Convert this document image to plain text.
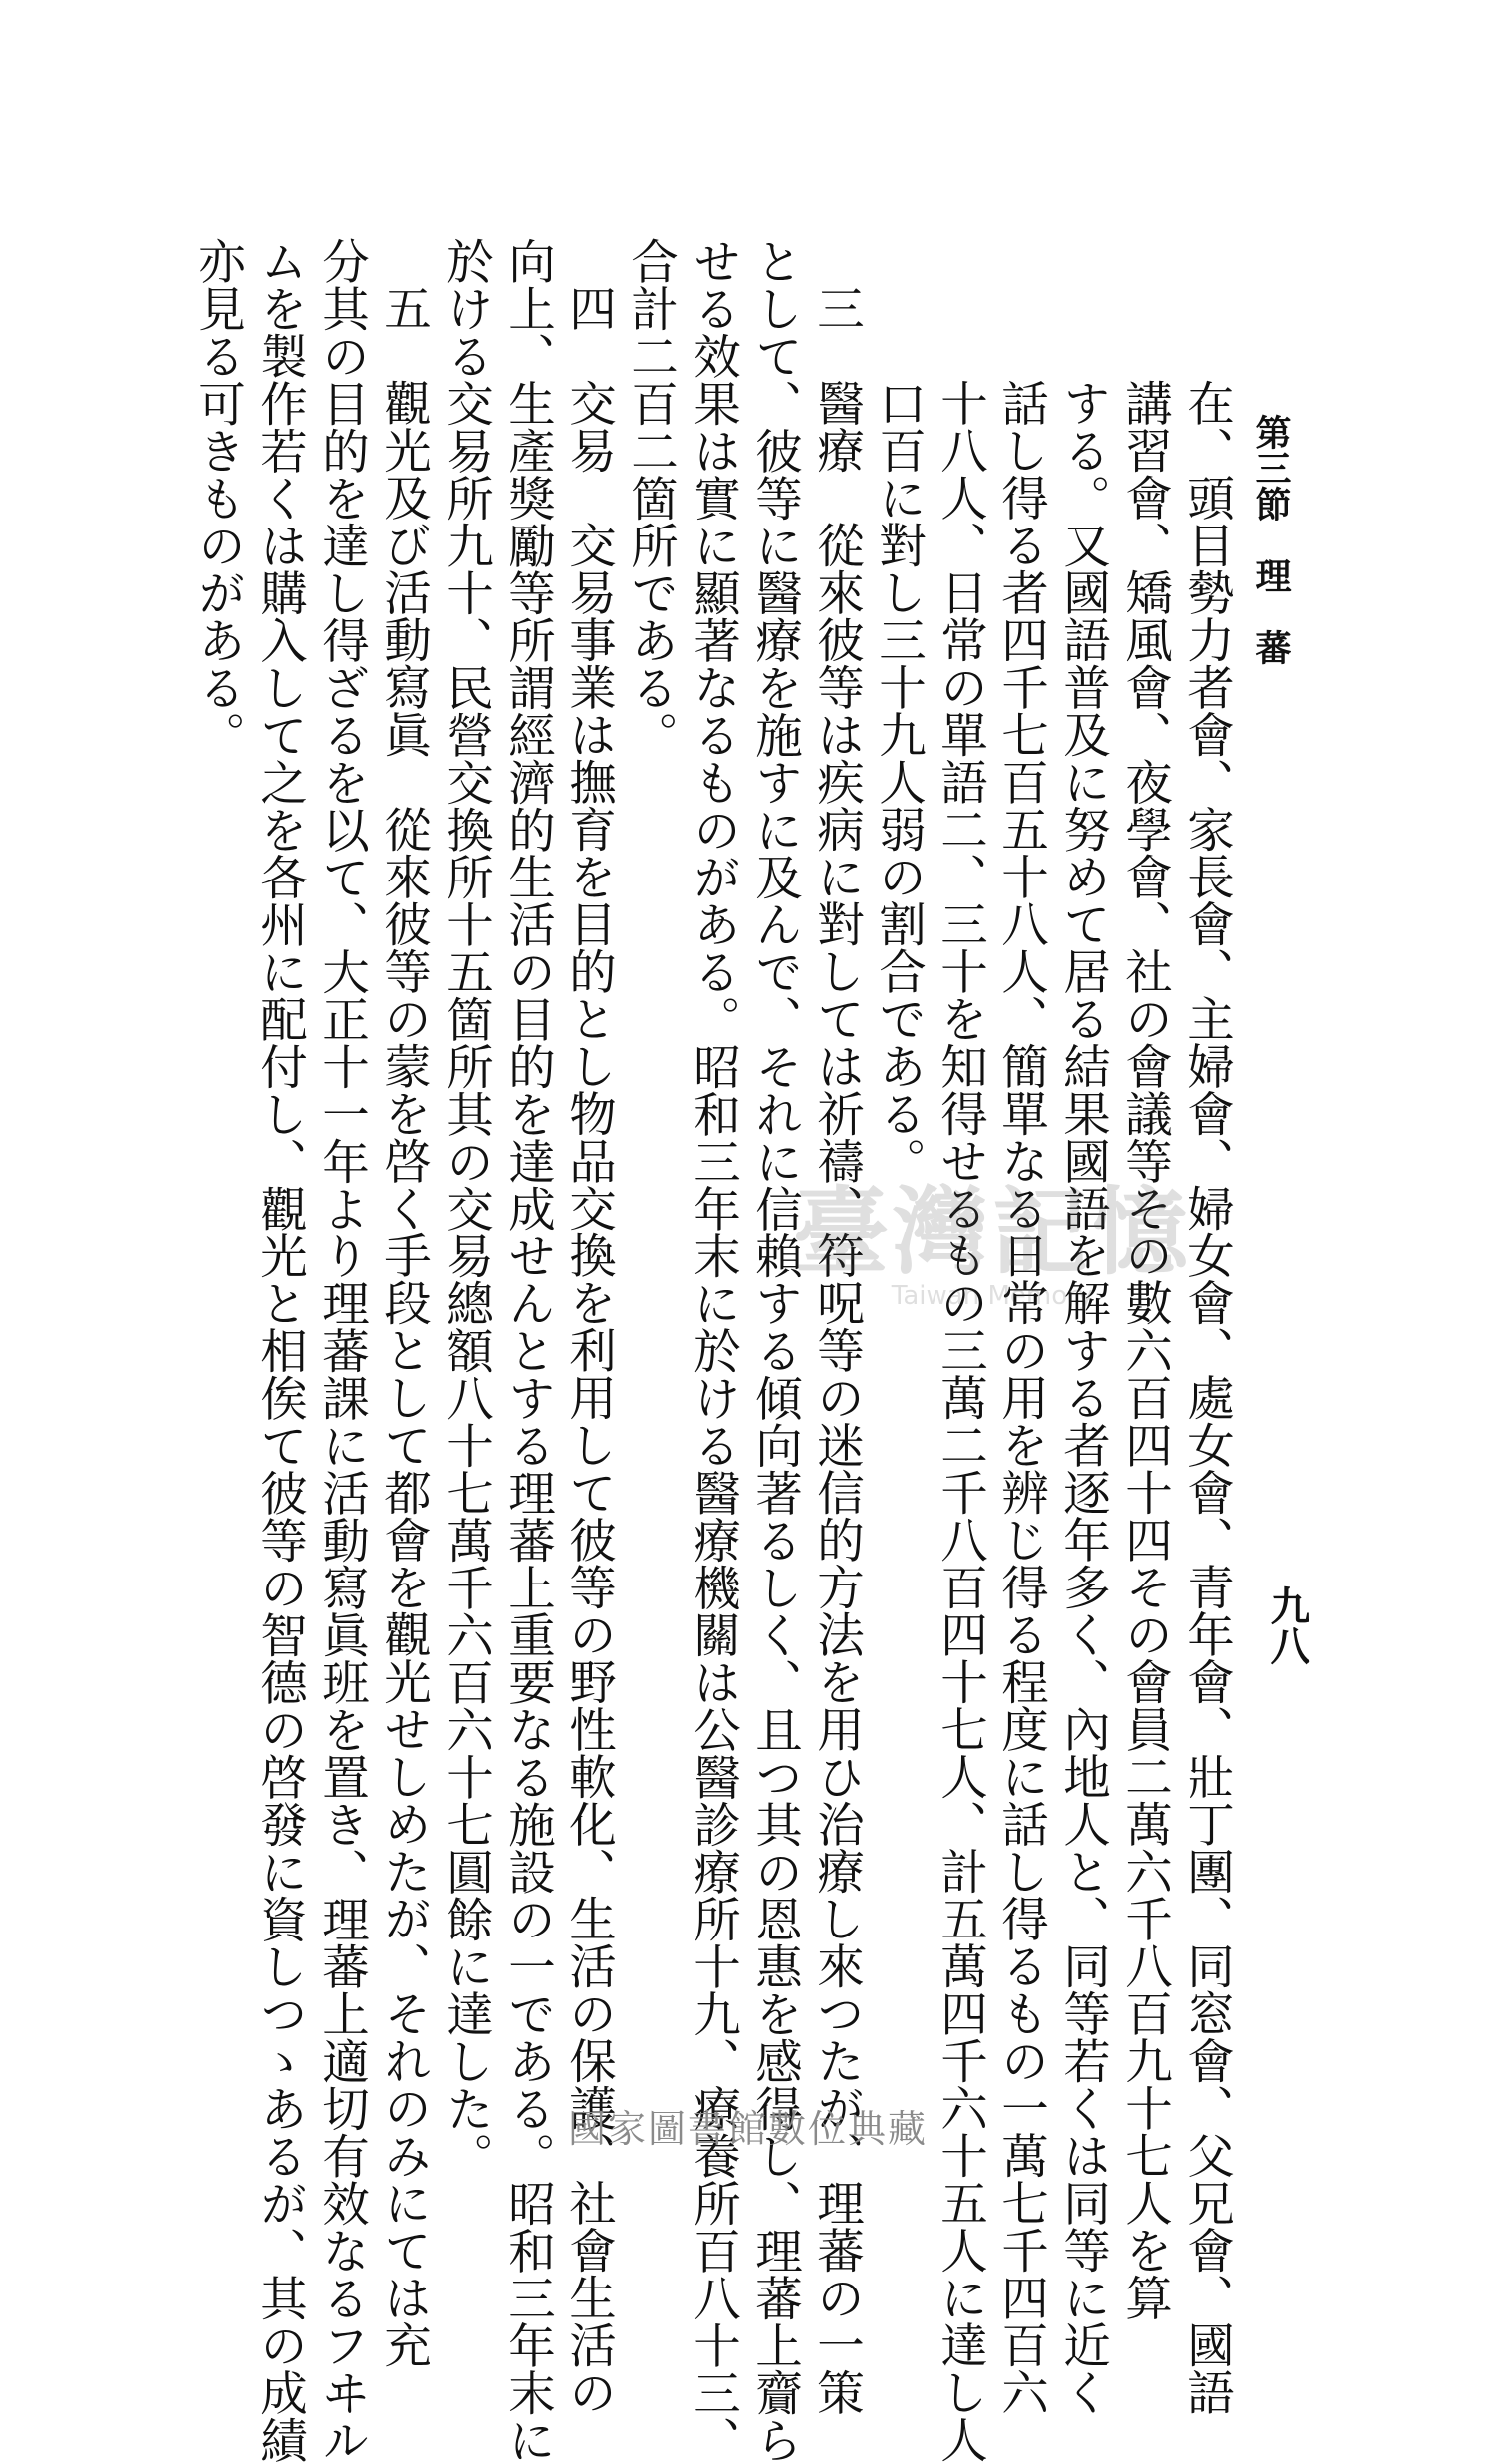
第三節　理　蕃
九八
在、頭目勢力者會、家長會、主婦會、婦女會、處女會、青年會、壯丁團、同窓會、父兄會、國語
講習會、矯風會、夜學會、社の會議等その數六百四十四その會員二萬六千八百九十七人を算
する。又國語普及に努めて居る結果國語を解する者逐年多く、內地人と、同等若くは同等に近く
話し得る者四千七百五十八人、簡單なる日常の用を辨じ得る程度に話し得るもの一萬七千四百六
十八人、日常の單語二、三十を知得せるもの三萬二千八百四十七人、計五萬四千六十五人に達し人
口百に對し三十九人弱の割合である。
三　醫療　從來彼等は疾病に對しては祈禱、符呪等の迷信的方法を用ひ治療し來つたが、理蕃の一策
として、彼等に醫療を施すに及んで、それに信賴する傾向著るしく、且つ其の恩惠を感得し、理蕃上齎ら
せる效果は實に顯著なるものがある。昭和三年末に於ける醫療機關は公醫診療所十九、療養所百八十三、
合計二百二箇所である。
四　交易　交易事業は撫育を目的とし物品交換を利用して彼等の野性軟化、生活の保護、社會生活の
向上、生產獎勵等所謂經濟的生活の目的を達成せんとする理蕃上重要なる施設の一である。昭和三年末に
於ける交易所九十、民營交換所十五箇所其の交易總額八十七萬千六百六十七圓餘に達した。
五　觀光及び活動寫眞　從來彼等の蒙を啓く手段として都會を觀光せしめたが、それのみにては充
分其の目的を達し得ざるを以て、大正十一年より理蕃課に活動寫眞班を置き、理蕃上適切有效なるフヰル
ムを製作若くは購入して之を各州に配付し、觀光と相俟て彼等の智德の啓發に資しつゝあるが、其の成績
亦見る可きものがある。
臺灣記憶
Taiwan Memory
國家圖書館數位典藏
